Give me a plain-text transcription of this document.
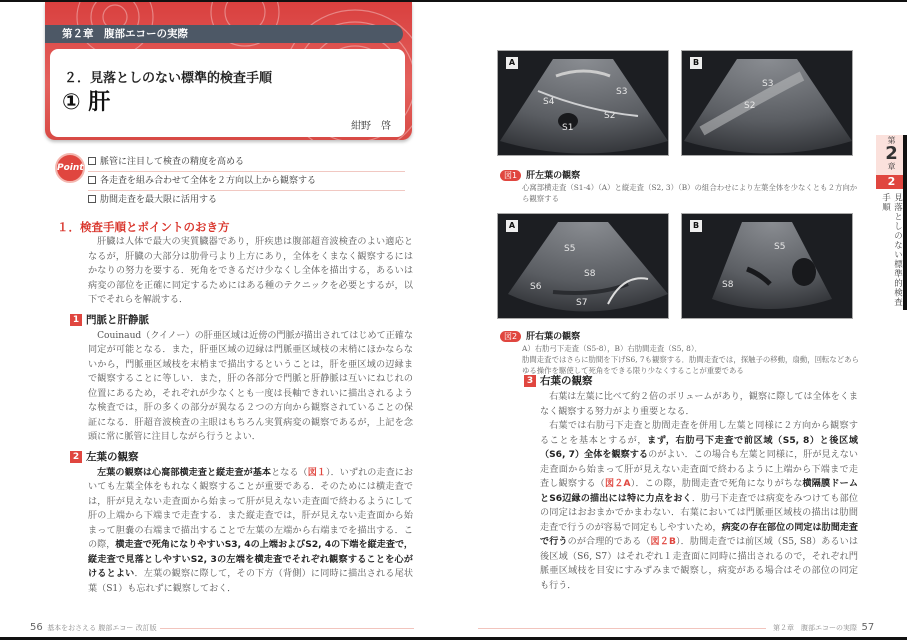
第２章　腹部エコーの実際
２．見落としのない標準的検査手順
① 肝
紺野　啓
Point
脈管に注目して検査の精度を高める
各走査を組み合わせて全体を２方向以上から観察する
肋間走査を最大限に活用する
１．検査手順とポイントのおき方
肝臓は人体で最大の実質臓器であり，肝疾患は腹部超音波検査のよい適応となるが，肝臓の大部分は肋骨弓より上方にあり，全体をくまなく観察するにはかなりの努力を要する．死角をできるだけ少なくし全体を描出する，あるいは病変の部位を正確に同定するためにはある種のテクニックを必要とするが，以下でそれらを解説する．
1 門脈と肝静脈
Couinaud（クイノー）の肝亜区域は近傍の門脈が描出されてはじめて正確な同定が可能となる．また，肝亜区域の辺縁は門脈亜区域枝の末梢にほかならないから，門脈亜区域枝を末梢まで描出するということは，肝を亜区域の辺縁まで観察することに等しい．また，肝の各部分で門脈と肝静脈は互いにねじれの位置にあるため，それぞれが少なくとも一度は長軸できれいに描出されるような検査では，肝の多くの部分が異なる２つの方向から観察されていることの保証になる．肝超音波検査の主眼はもちろん実質病変の観察であるが，上記を念頭に常に脈管に注目しながら行うとよい．
2 左葉の観察
左葉の観察は心窩部横走査と縦走査が基本となる（図１）．いずれの走査においても左葉全体をもれなく観察することが重要である．そのためには横走査では，肝が見えない走査面から始まって肝が見えない走査面で終わるようにして肝の上端から下端まで走査する．また縦走査では，肝が見えない走査面から始まって胆嚢の右端まで描出することで左葉の左端から右端までを描出する．この際，横走査で死角になりやすいS3, 4の上端およびS2, 4の下端を縦走査で，縦走査で見落としやすいS2, 3の左端を横走査でそれぞれ観察することを心がけるとよい．左葉の観察に際して，その下方（背側）に同時に描出される尾状葉（S1）も忘れずに観察しておく．
56 基本をおさえる 腹部エコー 改訂版
A
S4
S3
S2
S1
B
S3
S2
図1 肝左葉の観察
心窩部横走査（S1-4）（A）と縦走査（S2, 3）（B）の組合わせにより左葉全体を少なくとも２方向から観察する
A
S5
S8
S6
S7
B
S5
S8
図2 肝右葉の観察
A）右肋弓下走査（S5-8），B）右肋間走査（S5, 8）．
肋間走査ではさらに肋間を下げS6, 7も観察する．肋間走査では，探触子の移動，扇動，回転などあらゆる操作を駆使して死角をできる限り少なくすることが重要である
3 右葉の観察
右葉は左葉に比べて約２倍のボリュームがあり，観察に際しては全体をくまなく観察する努力がより重要となる．
右葉では右肋弓下走査と肋間走査を併用し左葉と同様に２方向から観察することを基本とするが，まず，右肋弓下走査で前区域（S5, 8）と後区域（S6, 7）全体を観察するのがよい．この場合も左葉と同様に，肝が見えない走査面から始まって肝が見えない走査面で終わるように上端から下端まで走査し観察する（図２A）．この際，肋間走査で死角になりがちな横隔膜ドームとS6辺縁の描出には特に力点をおく．肋弓下走査では病変をみつけても部位の同定はおおまかでかまわない．右葉においては門脈亜区域枝の描出は肋間走査で行うのが容易で同定もしやすいため，病変の存在部位の同定は肋間走査で行うのが合理的である（図２B）．肋間走査では前区域（S5, S8）あるいは後区域（S6, S7）はそれぞれ１走査面に同時に描出されるので，それぞれ門脈亜区域枝を目安にすみずみまで観察し，病変がある場合はその部位の同定も行う．
第
2
章
2
見落としのない標準的検査手順
第２章　腹部エコーの実際 57
